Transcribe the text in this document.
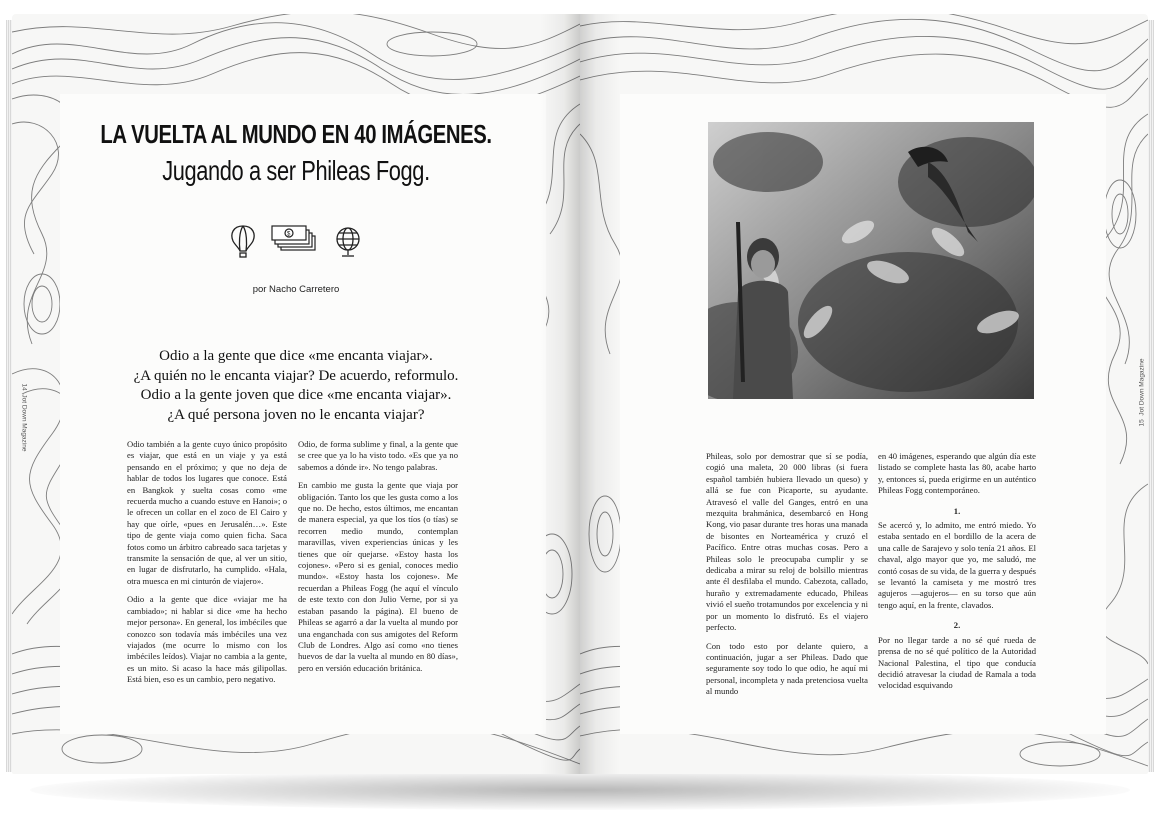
LA VUELTA AL MUNDO EN 40 IMÁGENES.
Jugando a ser Phileas Fogg.
$
por Nacho Carretero
Odio a la gente que dice «me encanta viajar».
¿A quién no le encanta viajar? De acuerdo, reformulo.
Odio a la gente joven que dice «me encanta viajar».
¿A qué persona joven no le encanta viajar?

Odio también a la gente cuyo único propósito es viajar, que está en un viaje y ya está pensando en el próximo; y que no deja de hablar de todos los lugares que conoce. Está en Bangkok y suelta cosas como «me recuerda mucho a cuando estuve en Hanoi»; o le ofrecen un collar en el zoco de El Cairo y hay que oírle, «pues en Jerusalén…». Este tipo de gente viaja como quien ficha. Saca fotos como un árbitro cabreado saca tarjetas y transmite la sensación de que, al ver un sitio, en lugar de disfrutarlo, ha cumplido. «Hala, otra muesca en mi cinturón de viajero».

Odio a la gente que dice «viajar me ha cambiado»; ni hablar si dice «me ha hecho mejor persona». En general, los imbéciles que conozco son todavía más imbéciles una vez viajados (me ocurre lo mismo con los imbéciles leídos). Viajar no cambia a la gente, es un mito. Si acaso la hace más gilipollas. Está bien, eso es un cambio, pero negativo.

Odio, de forma sublime y final, a la gente que se cree que ya lo ha visto todo. «Es que ya no sabemos a dónde ir». No tengo palabras.

En cambio me gusta la gente que viaja por obligación. Tanto los que les gusta como a los que no. De hecho, estos últimos, me encantan de manera especial, ya que los tíos (o tías) se recorren medio mundo, contemplan maravillas, viven experiencias únicas y les tienes que oír quejarse. «Estoy hasta los cojones». «Pero si es genial, conoces medio mundo». «Estoy hasta los cojones». Me recuerdan a Phileas Fogg (he aquí el vínculo de este texto con don Julio Verne, por si ya estaban pasando la página). El bueno de Phileas se agarró a dar la vuelta al mundo por una enganchada con sus amigotes del Reform Club de Londres. Algo así como «no tienes huevos de dar la vuelta al mundo en 80 días», pero en versión educación británica.

14  Jot Down Magazine

Phileas, solo por demostrar que sí se podía, cogió una maleta, 20 000 libras (si fuera español también hubiera llevado un queso) y allá se fue con Picaporte, su ayudante. Atravesó el valle del Ganges, entró en una mezquita brahmánica, desembarcó en Hong Kong, vio pasar durante tres horas una manada de bisontes en Norteamérica y cruzó el Pacífico. Entre otras muchas cosas. Pero a Phileas solo le preocupaba cumplir y se dedicaba a mirar su reloj de bolsillo mientras ante él desfilaba el mundo. Cabezota, callado, huraño y extremadamente educado, Phileas vivió el sueño trotamundos por excelencia y ni por un momento lo disfrutó. Es el viajero perfecto.

Con todo esto por delante quiero, a continuación, jugar a ser Phileas. Dado que seguramente soy todo lo que odio, he aquí mi personal, incompleta y nada pretenciosa vuelta al mundo

en 40 imágenes, esperando que algún día este listado se complete hasta las 80, acabe harto y, entonces sí, pueda erigirme en un auténtico Phileas Fogg contemporáneo.

1.

Se acercó y, lo admito, me entró miedo. Yo estaba sentado en el bordillo de la acera de una calle de Sarajevo y solo tenía 21 años. El chaval, algo mayor que yo, me saludó, me contó cosas de su vida, de la guerra y después se levantó la camiseta y me mostró tres agujeros —agujeros— en su torso que aún tengo aquí, en la frente, clavados.

2.

Por no llegar tarde a no sé qué rueda de prensa de no sé qué político de la Autoridad Nacional Palestina, el tipo que conducía decidió atravesar la ciudad de Ramala a toda velocidad esquivando

15  Jot Down Magazine
